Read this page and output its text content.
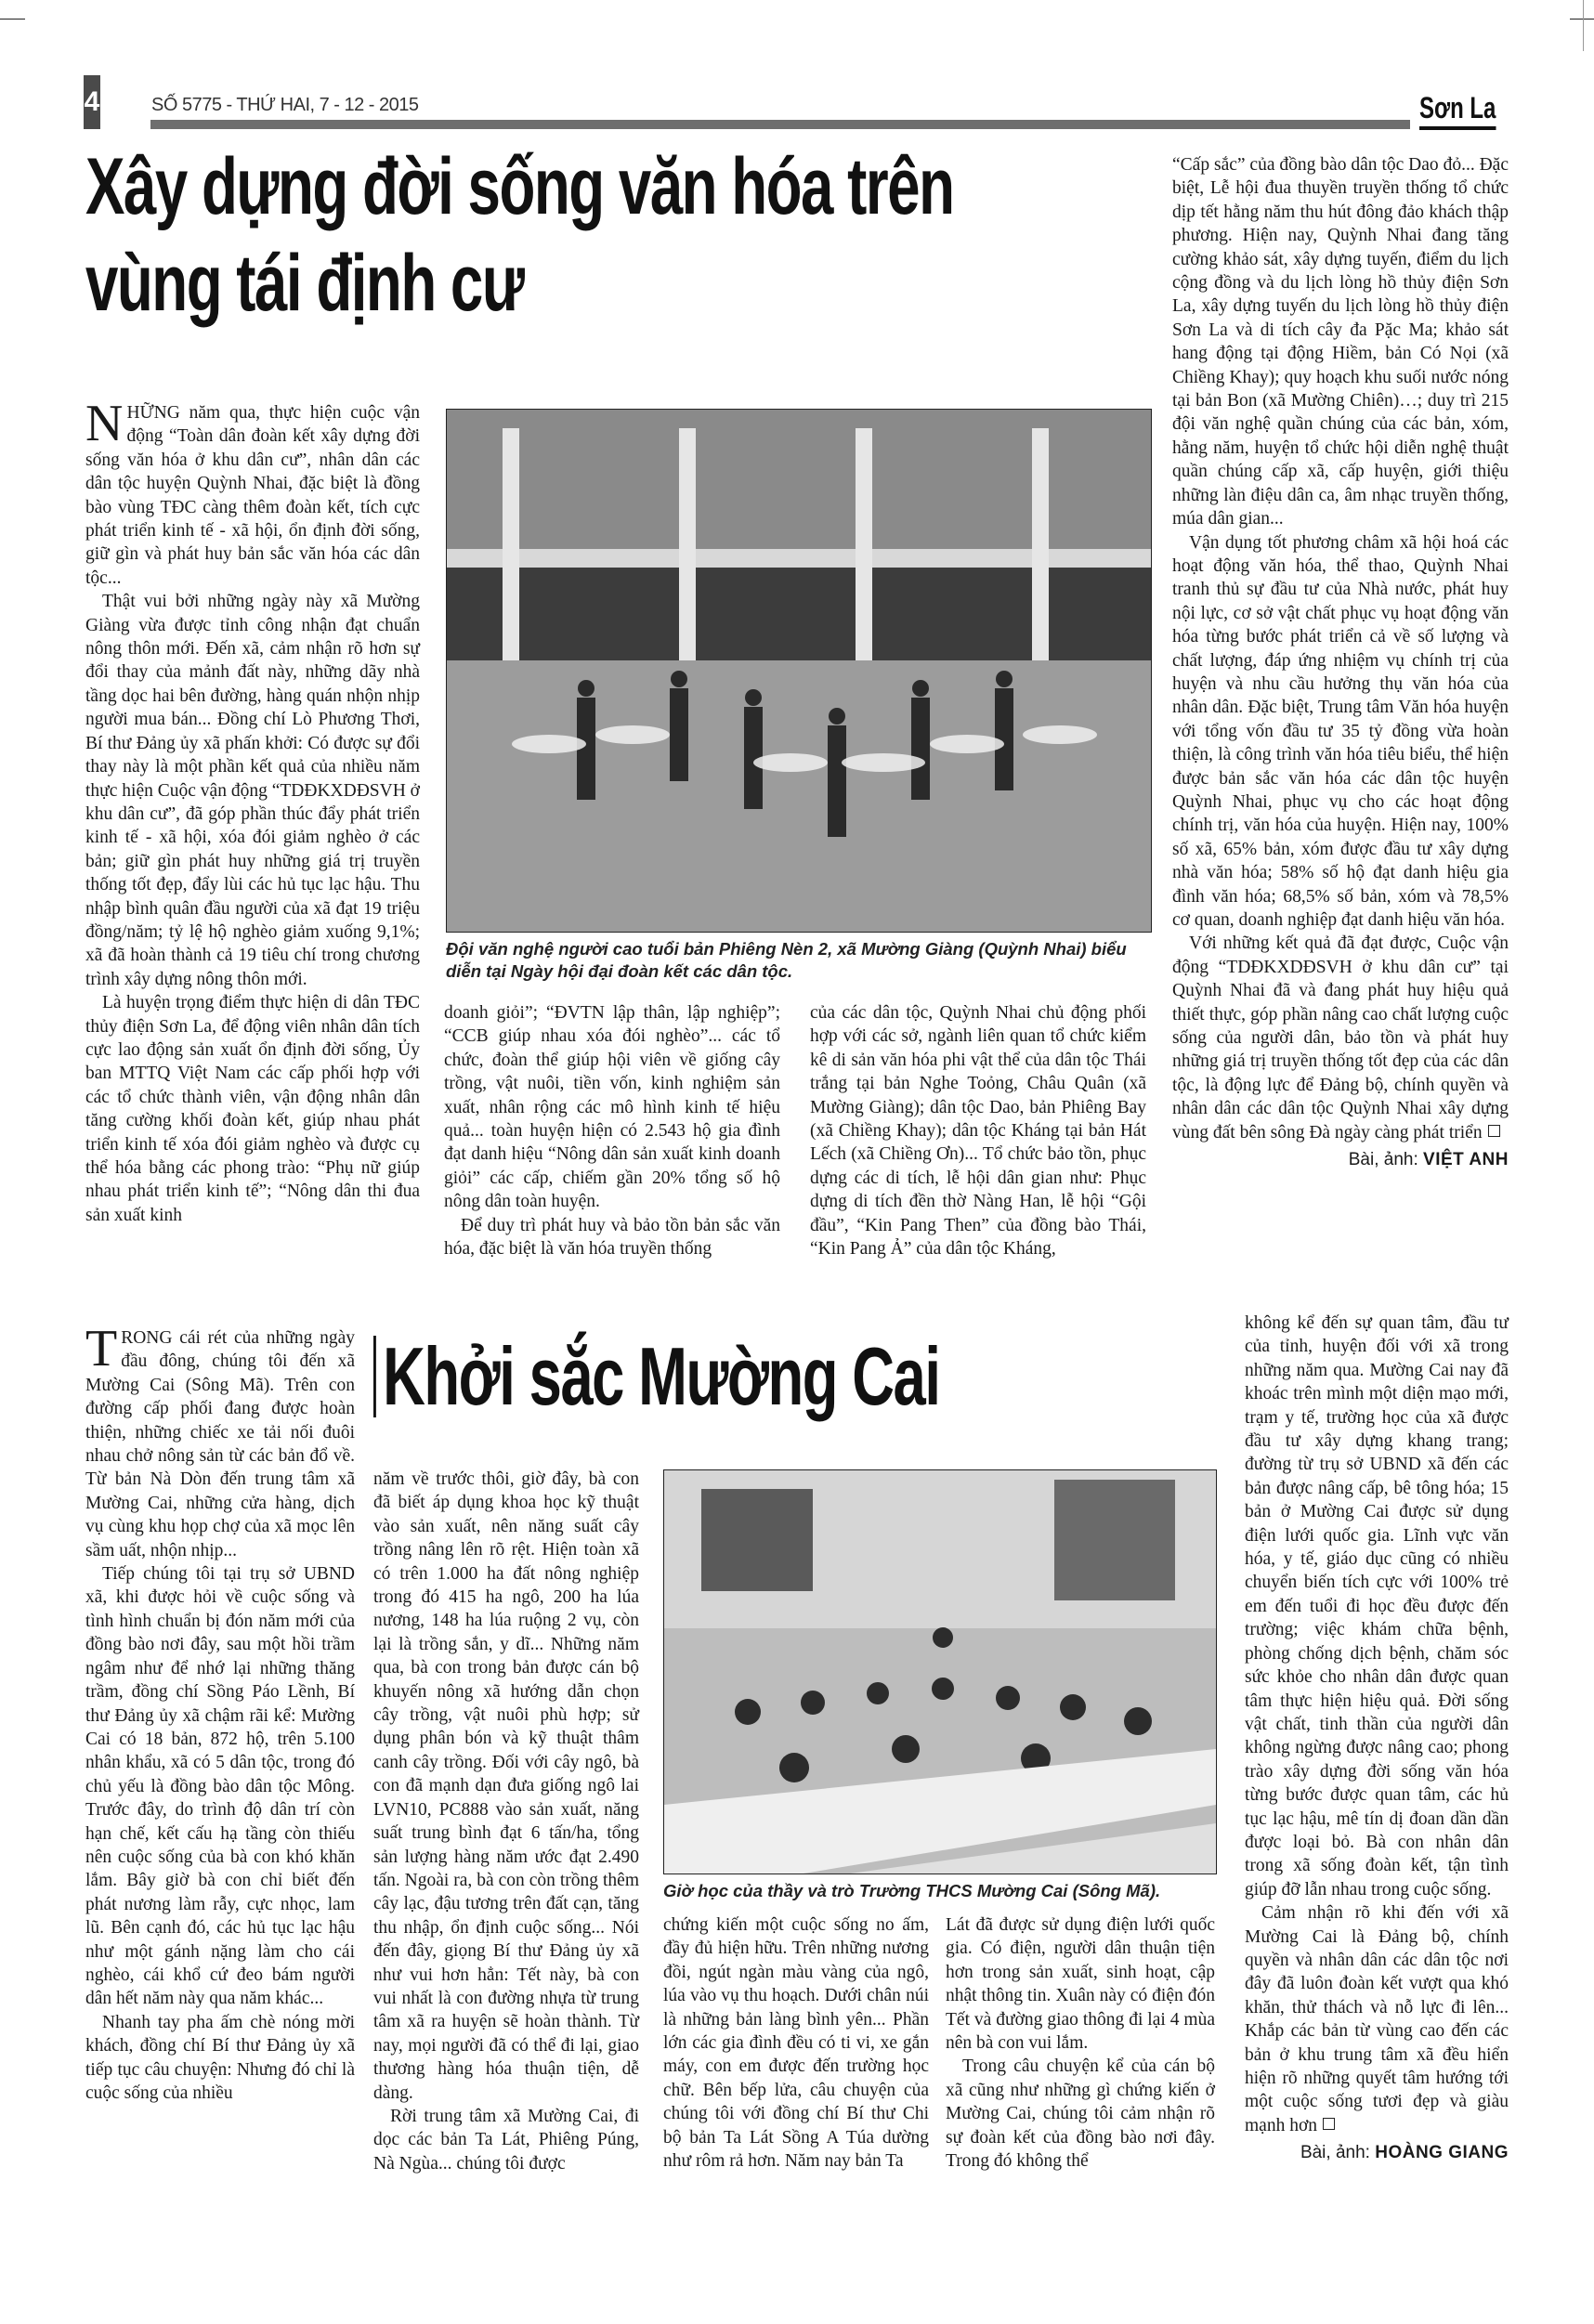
4	SỐ 5775 - THỨ HAI, 7 - 12 - 2015	Sơn La
Xây dựng đời sống văn hóa trên
vùng tái định cư

NHỮNG năm qua, thực hiện cuộc vận động “Toàn dân đoàn kết xây dựng đời sống văn hóa ở khu dân cư”, nhân dân các dân tộc huyện Quỳnh Nhai, đặc biệt là đồng bào vùng TĐC càng thêm đoàn kết, tích cực phát triển kinh tế - xã hội, ổn định đời sống, giữ gìn và phát huy bản sắc văn hóa các dân tộc...

Thật vui bởi những ngày này xã Mường Giàng vừa được tỉnh công nhận đạt chuẩn nông thôn mới. Đến xã, cảm nhận rõ hơn sự đổi thay của mảnh đất này, những dãy nhà tầng dọc hai bên đường, hàng quán nhộn nhịp người mua bán... Đồng chí Lò Phương Thơi, Bí thư Đảng ủy xã phấn khởi: Có được sự đổi thay này là một phần kết quả của nhiều năm thực hiện Cuộc vận động “TDĐKXDĐSVH ở khu dân cư”, đã góp phần thúc đẩy phát triển kinh tế - xã hội, xóa đói giảm nghèo ở các bản; giữ gìn phát huy những giá trị truyền thống tốt đẹp, đẩy lùi các hủ tục lạc hậu. Thu nhập bình quân đầu người của xã đạt 19 triệu đồng/năm; tỷ lệ hộ nghèo giảm xuống 9,1%; xã đã hoàn thành cả 19 tiêu chí trong chương trình xây dựng nông thôn mới.

Là huyện trọng điểm thực hiện di dân TĐC thủy điện Sơn La, để động viên nhân dân tích cực lao động sản xuất ổn định đời sống, Ủy ban MTTQ Việt Nam các cấp phối hợp với các tổ chức thành viên, vận động nhân dân tăng cường khối đoàn kết, giúp nhau phát triển kinh tế xóa đói giảm nghèo và được cụ thể hóa bằng các phong trào: “Phụ nữ giúp nhau phát triển kinh tế”; “Nông dân thi đua sản xuất kinh

Đội văn nghệ người cao tuổi bản Phiêng Nèn 2, xã Mường Giàng (Quỳnh Nhai) biểu diễn tại Ngày hội đại đoàn kết các dân tộc.

doanh giỏi”; “ĐVTN lập thân, lập nghiệp”; “CCB giúp nhau xóa đói nghèo”... các tổ chức, đoàn thể giúp hội viên về giống cây trồng, vật nuôi, tiền vốn, kinh nghiệm sản xuất, nhân rộng các mô hình kinh tế hiệu quả... toàn huyện hiện có 2.543 hộ gia đình đạt danh hiệu “Nông dân sản xuất kinh doanh giỏi” các cấp, chiếm gần 20% tổng số hộ nông dân toàn huyện.

Để duy trì phát huy và bảo tồn bản sắc văn hóa, đặc biệt là văn hóa truyền thống

của các dân tộc, Quỳnh Nhai chủ động phối hợp với các sở, ngành liên quan tổ chức kiểm kê di sản văn hóa phi vật thể của dân tộc Thái trắng tại bản Nghe Toỏng, Châu Quân (xã Mường Giàng); dân tộc Dao, bản Phiêng Bay (xã Chiềng Khay); dân tộc Kháng tại bản Hát Lếch (xã Chiềng Ơn)... Tổ chức bảo tồn, phục dựng các di tích, lễ hội dân gian như: Phục dựng di tích đền thờ Nàng Han, lễ hội “Gội đầu”, “Kin Pang Then” của đồng bào Thái, “Kin Pang Ả” của dân tộc Kháng,

“Cấp sắc” của đồng bào dân tộc Dao đỏ... Đặc biệt, Lễ hội đua thuyền truyền thống tổ chức dịp tết hằng năm thu hút đông đảo khách thập phương. Hiện nay, Quỳnh Nhai đang tăng cường khảo sát, xây dựng tuyến, điểm du lịch cộng đồng và du lịch lòng hồ thủy điện Sơn La, xây dựng tuyến du lịch lòng hồ thủy điện Sơn La và di tích cây đa Pặc Ma; khảo sát hang động tại động Hiềm, bản Có Nọi (xã Chiềng Khay); quy hoạch khu suối nước nóng tại bản Bon (xã Mường Chiên)…; duy trì 215 đội văn nghệ quần chúng của các bản, xóm, hằng năm, huyện tổ chức hội diễn nghệ thuật quần chúng cấp xã, cấp huyện, giới thiệu những làn điệu dân ca, âm nhạc truyền thống, múa dân gian...

Vận dụng tốt phương châm xã hội hoá các hoạt động văn hóa, thể thao, Quỳnh Nhai tranh thủ sự đầu tư của Nhà nước, phát huy nội lực, cơ sở vật chất phục vụ hoạt động văn hóa từng bước phát triển cả về số lượng và chất lượng, đáp ứng nhiệm vụ chính trị của huyện và nhu cầu hưởng thụ văn hóa của nhân dân. Đặc biệt, Trung tâm Văn hóa huyện với tổng vốn đầu tư 35 tỷ đồng vừa hoàn thiện, là công trình văn hóa tiêu biểu, thể hiện được bản sắc văn hóa các dân tộc huyện Quỳnh Nhai, phục vụ cho các hoạt động chính trị, văn hóa của huyện. Hiện nay, 100% số xã, 65% bản, xóm được đầu tư xây dựng nhà văn hóa; 58% số hộ đạt danh hiệu gia đình văn hóa; 68,5% số bản, xóm và 78,5% cơ quan, doanh nghiệp đạt danh hiệu văn hóa.

Với những kết quả đã đạt được, Cuộc vận động “TDĐKXDĐSVH ở khu dân cư” tại Quỳnh Nhai đã và đang phát huy hiệu quả thiết thực, góp phần nâng cao chất lượng cuộc sống của người dân, bảo tồn và phát huy những giá trị truyền thống tốt đẹp của các dân tộc, là động lực để Đảng bộ, chính quyền và nhân dân các dân tộc Quỳnh Nhai xây dựng vùng đất bên sông Đà ngày càng phát triển

Bài, ảnh: VIỆT ANH

TRONG cái rét của những ngày đầu đông, chúng tôi đến xã Mường Cai (Sông Mã). Trên con đường cấp phối đang được hoàn thiện, những chiếc xe tải nối đuôi nhau chở nông sản từ các bản đổ về. Từ bản Nà Dòn đến trung tâm xã Mường Cai, những cửa hàng, dịch vụ cùng khu họp chợ của xã mọc lên sầm uất, nhộn nhịp...

Tiếp chúng tôi tại trụ sở UBND xã, khi được hỏi về cuộc sống và tình hình chuẩn bị đón năm mới của đồng bào nơi đây, sau một hồi trầm ngâm như để nhớ lại những thăng trầm, đồng chí Sồng Páo Lềnh, Bí thư Đảng ủy xã chậm rãi kể: Mường Cai có 18 bản, 872 hộ, trên 5.100 nhân khẩu, xã có 5 dân tộc, trong đó chủ yếu là đồng bào dân tộc Mông. Trước đây, do trình độ dân trí còn hạn chế, kết cấu hạ tầng còn thiếu nên cuộc sống của bà con khó khăn lắm. Bây giờ bà con chỉ biết đến phát nương làm rẫy, cực nhọc, lam lũ. Bên cạnh đó, các hủ tục lạc hậu như một gánh nặng làm cho cái nghèo, cái khổ cứ đeo bám người dân hết năm này qua năm khác...

Nhanh tay pha ấm chè nóng mời khách, đồng chí Bí thư Đảng ủy xã tiếp tục câu chuyện: Nhưng đó chỉ là cuộc sống của nhiều

Khởi sắc Mường Cai

năm về trước thôi, giờ đây, bà con đã biết áp dụng khoa học kỹ thuật vào sản xuất, nên năng suất cây trồng nâng lên rõ rệt. Hiện toàn xã có trên 1.000 ha đất nông nghiệp trong đó 415 ha ngô, 200 ha lúa nương, 148 ha lúa ruộng 2 vụ, còn lại là trồng sắn, y dĩ... Những năm qua, bà con trong bản được cán bộ khuyến nông xã hướng dẫn chọn cây trồng, vật nuôi phù hợp; sử dụng phân bón và kỹ thuật thâm canh cây trồng. Đối với cây ngô, bà con đã mạnh dạn đưa giống ngô lai LVN10, PC888 vào sản xuất, năng suất trung bình đạt 6 tấn/ha, tổng sản lượng hàng năm ước đạt 2.490 tấn. Ngoài ra, bà con còn trồng thêm cây lạc, đậu tương trên đất cạn, tăng thu nhập, ổn định cuộc sống... Nói đến đây, giọng Bí thư Đảng ủy xã như vui hơn hẳn: Tết này, bà con vui nhất là con đường nhựa từ trung tâm xã ra huyện sẽ hoàn thành. Từ nay, mọi người đã có thể đi lại, giao thương hàng hóa thuận tiện, dễ dàng.

Rời trung tâm xã Mường Cai, đi dọc các bản Ta Lát, Phiêng Púng, Nà Ngùa... chúng tôi được

Giờ học của thầy và trò Trường THCS Mường Cai (Sông Mã).

chứng kiến một cuộc sống no ấm, đầy đủ hiện hữu. Trên những nương đồi, ngút ngàn màu vàng của ngô, lúa vào vụ thu hoạch. Dưới chân núi là những bản làng bình yên... Phần lớn các gia đình đều có ti vi, xe gắn máy, con em được đến trường học chữ. Bên bếp lửa, câu chuyện của chúng tôi với đồng chí Bí thư Chi bộ bản Ta Lát Sồng A Túa dường như rôm rả hơn. Năm nay bản Ta

Lát đã được sử dụng điện lưới quốc gia. Có điện, người dân thuận tiện hơn trong sản xuất, sinh hoạt, cập nhật thông tin. Xuân này có điện đón Tết và đường giao thông đi lại 4 mùa nên bà con vui lắm.

Trong câu chuyện kể của cán bộ xã cũng như những gì chứng kiến ở Mường Cai, chúng tôi cảm nhận rõ sự đoàn kết của đồng bào nơi đây. Trong đó không thể

không kể đến sự quan tâm, đầu tư của tỉnh, huyện đối với xã trong những năm qua. Mường Cai nay đã khoác trên mình một diện mạo mới, trạm y tế, trường học của xã được đầu tư xây dựng khang trang; đường từ trụ sở UBND xã đến các bản được nâng cấp, bê tông hóa; 15 bản ở Mường Cai được sử dụng điện lưới quốc gia. Lĩnh vực văn hóa, y tế, giáo dục cũng có nhiều chuyển biến tích cực với 100% trẻ em đến tuổi đi học đều được đến trường; việc khám chữa bệnh, phòng chống dịch bệnh, chăm sóc sức khỏe cho nhân dân được quan tâm thực hiện hiệu quả. Đời sống vật chất, tinh thần của người dân không ngừng được nâng cao; phong trào xây dựng đời sống văn hóa từng bước được quan tâm, các hủ tục lạc hậu, mê tín dị đoan dần dần được loại bỏ. Bà con nhân dân trong xã sống đoàn kết, tận tình giúp đỡ lẫn nhau trong cuộc sống.

Cảm nhận rõ khi đến với xã Mường Cai là Đảng bộ, chính quyền và nhân dân các dân tộc nơi đây đã luôn đoàn kết vượt qua khó khăn, thử thách và nỗ lực đi lên... Khắp các bản từ vùng cao đến các bản ở khu trung tâm xã đều hiển hiện rõ những quyết tâm hướng tới một cuộc sống tươi đẹp và giàu mạnh hơn

Bài, ảnh: HOÀNG GIANG
